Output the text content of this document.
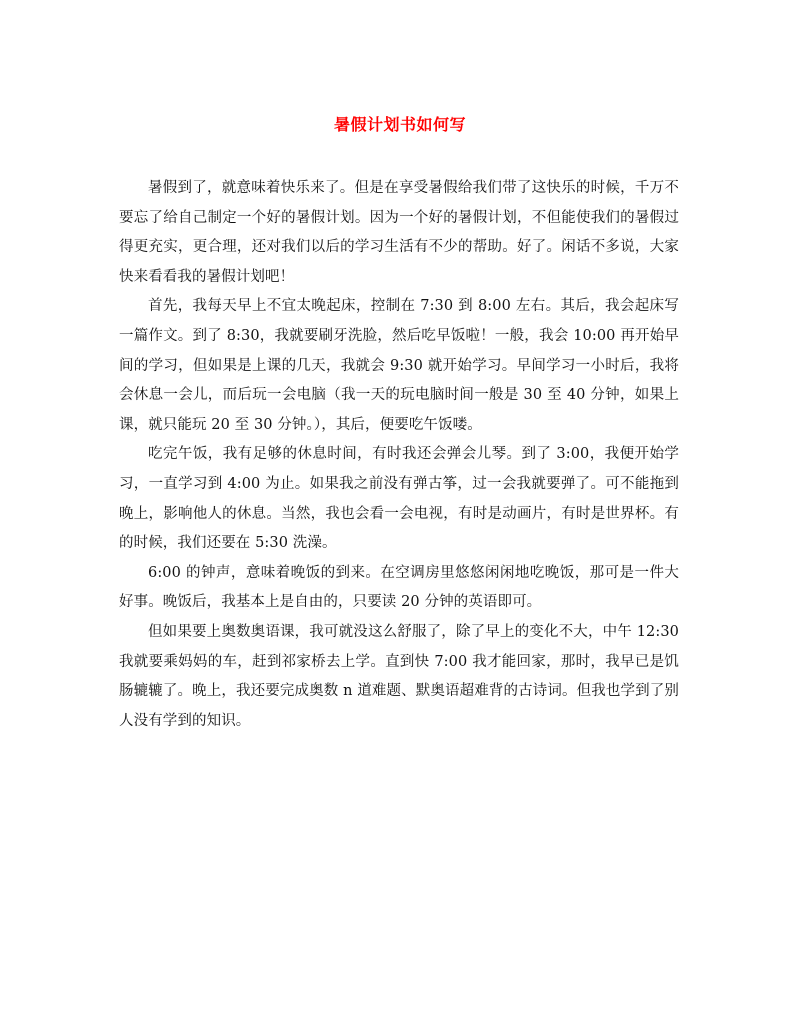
暑假计划书如何写

暑假到了，就意味着快乐来了。但是在享受暑假给我们带了这快乐的时候，千万不要忘了给自己制定一个好的暑假计划。因为一个好的暑假计划，不但能使我们的暑假过得更充实，更合理，还对我们以后的学习生活有不少的帮助。好了。闲话不多说，大家快来看看我的暑假计划吧！

首先，我每天早上不宜太晚起床，控制在 7:30 到 8:00 左右。其后，我会起床写一篇作文。到了 8:30，我就要刷牙洗脸，然后吃早饭啦！一般，我会 10:00 再开始早间的学习，但如果是上课的几天，我就会 9:30 就开始学习。早间学习一小时后，我将会休息一会儿，而后玩一会电脑（我一天的玩电脑时间一般是 30 至 40 分钟，如果上课，就只能玩 20 至 30 分钟。），其后，便要吃午饭喽。

吃完午饭，我有足够的休息时间，有时我还会弹会儿琴。到了 3:00，我便开始学习，一直学习到 4:00 为止。如果我之前没有弹古筝，过一会我就要弹了。可不能拖到晚上，影响他人的休息。当然，我也会看一会电视，有时是动画片，有时是世界杯。有的时候，我们还要在 5:30 洗澡。

6:00 的钟声，意味着晚饭的到来。在空调房里悠悠闲闲地吃晚饭，那可是一件大好事。晚饭后，我基本上是自由的，只要读 20 分钟的英语即可。

但如果要上奥数奥语课，我可就没这么舒服了，除了早上的变化不大，中午 12:30 我就要乘妈妈的车，赶到祁家桥去上学。直到快 7:00 我才能回家，那时，我早已是饥肠辘辘了。晚上，我还要完成奥数 n 道难题、默奥语超难背的古诗词。但我也学到了别人没有学到的知识。
